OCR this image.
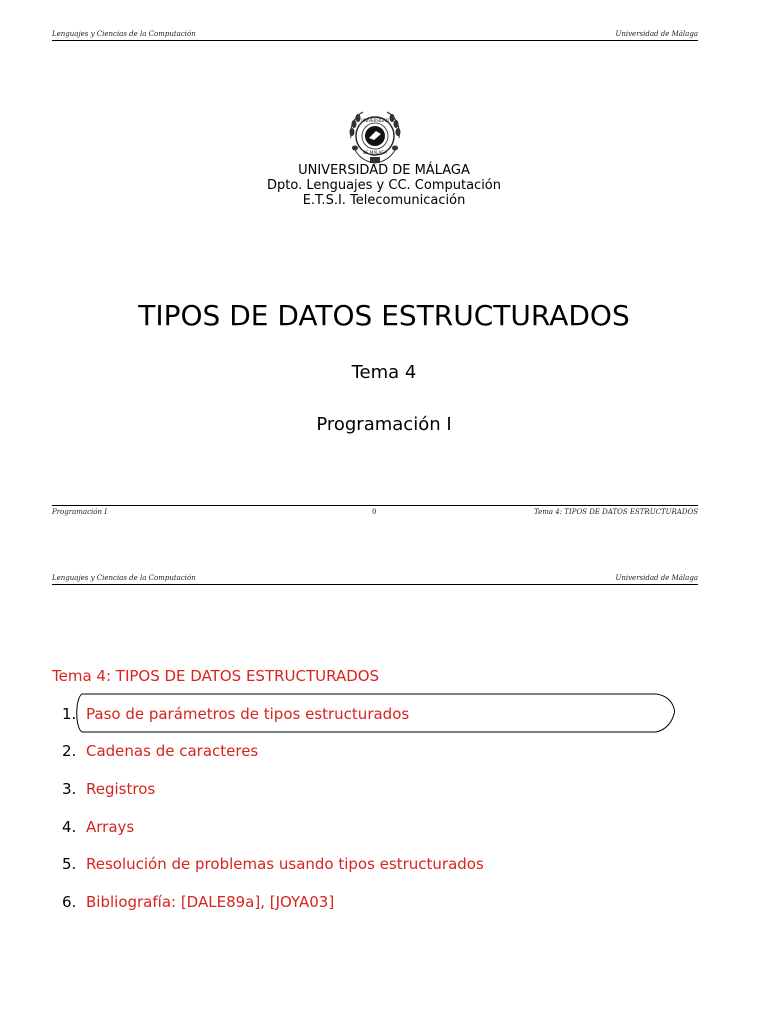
Lenguajes y Ciencias de la Computación	Universidad de Málaga
UNIVERSIDAD
DE MÁLAGA
UNIVERSIDAD DE MÁLAGA
Dpto. Lenguajes y CC. Computación
E.T.S.I. Telecomunicación
TIPOS DE DATOS ESTRUCTURADOS
Tema 4
Programación I
Programación I	0	Tema 4: TIPOS DE DATOS ESTRUCTURADOS
Lenguajes y Ciencias de la Computación	Universidad de Málaga
Tema 4: TIPOS DE DATOS ESTRUCTURADOS
1. Paso de parámetros de tipos estructurados
2. Cadenas de caracteres
3. Registros
4. Arrays
5. Resolución de problemas usando tipos estructurados
6. Bibliografía: [DALE89a], [JOYA03]
